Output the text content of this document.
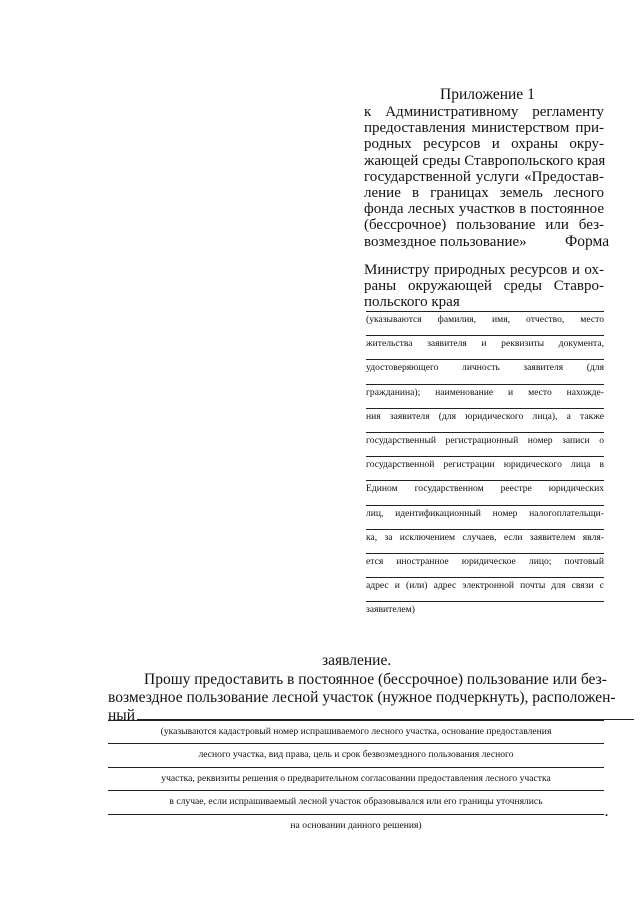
Приложение 1
к Административному регламенту
предоставления министерством при-
родных ресурсов и охраны окру-
жающей среды Ставропольского края
государственной услуги «Предостав-
ление в границах земель лесного
фонда лесных участков в постоянное
(бессрочное) пользование или без-
возмездное пользование»	Форма
Министру природных ресурсов и ох-
раны окружающей среды Ставро-
польского края
(указываются фамилия, имя, отчество, место
жительства заявителя и реквизиты документа,
удостоверяющего личность заявителя (для
гражданина); наименование и место нахожде-
ния заявителя (для юридического лица), а также
государственный регистрационный номер записи о
государственной регистрации юридического лица в
Едином государственном реестре юридических
лиц, идентификационный номер налогоплательщи-
ка, за исключением случаев, если заявителем явля-
ется иностранное юридическое лицо; почтовый
адрес и (или) адрес электронной почты для связи с
заявителем)
заявление.
Прошу предоставить в постоянное (бессрочное) пользование или без-
возмездное пользование лесной участок (нужное подчеркнуть), расположен-
ный
(указываются кадастровый номер испрашиваемого лесного участка, основание предоставления
лесного участка, вид права, цель и срок безвозмездного пользования лесного
участка, реквизиты решения о предварительном согласовании предоставления лесного участка
в случае, если испрашиваемый лесной участок образовывался или его границы уточнялись
на основании данного решения)
.
